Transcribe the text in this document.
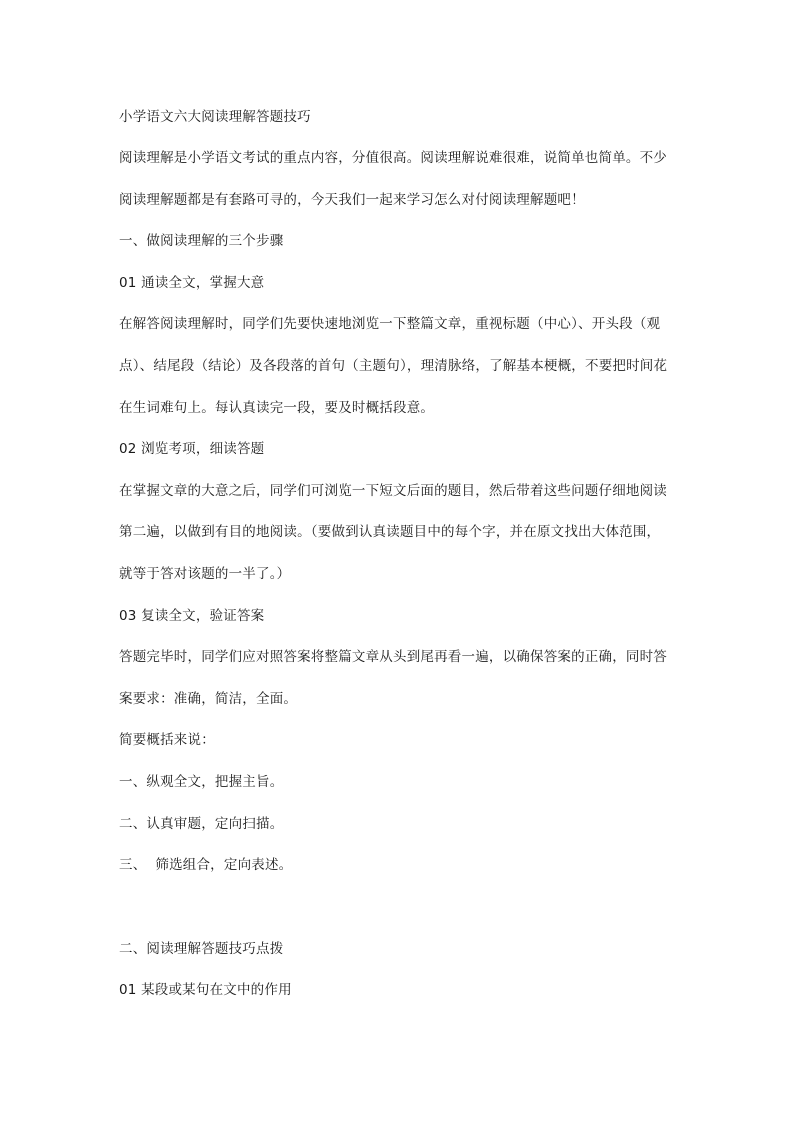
小学语文六大阅读理解答题技巧
阅读理解是小学语文考试的重点内容，分值很高。阅读理解说难很难，说简单也简单。不少
阅读理解题都是有套路可寻的，今天我们一起来学习怎么对付阅读理解题吧！
一、做阅读理解的三个步骤
01 通读全文，掌握大意
在解答阅读理解时，同学们先要快速地浏览一下整篇文章，重视标题（中心）、开头段（观
点）、结尾段（结论）及各段落的首句（主题句），理清脉络，了解基本梗概，不要把时间花
在生词难句上。每认真读完一段，要及时概括段意。
02 浏览考项，细读答题
在掌握文章的大意之后，同学们可浏览一下短文后面的题目，然后带着这些问题仔细地阅读
第二遍，以做到有目的地阅读。（要做到认真读题目中的每个字，并在原文找出大体范围，
就等于答对该题的一半了。）
03 复读全文，验证答案
答题完毕时，同学们应对照答案将整篇文章从头到尾再看一遍，以确保答案的正确，同时答
案要求：准确，简洁，全面。
简要概括来说：
一、纵观全文，把握主旨。
二、认真审题，定向扫描。
三、  筛选组合，定向表述。
二、阅读理解答题技巧点拨
01 某段或某句在文中的作用
